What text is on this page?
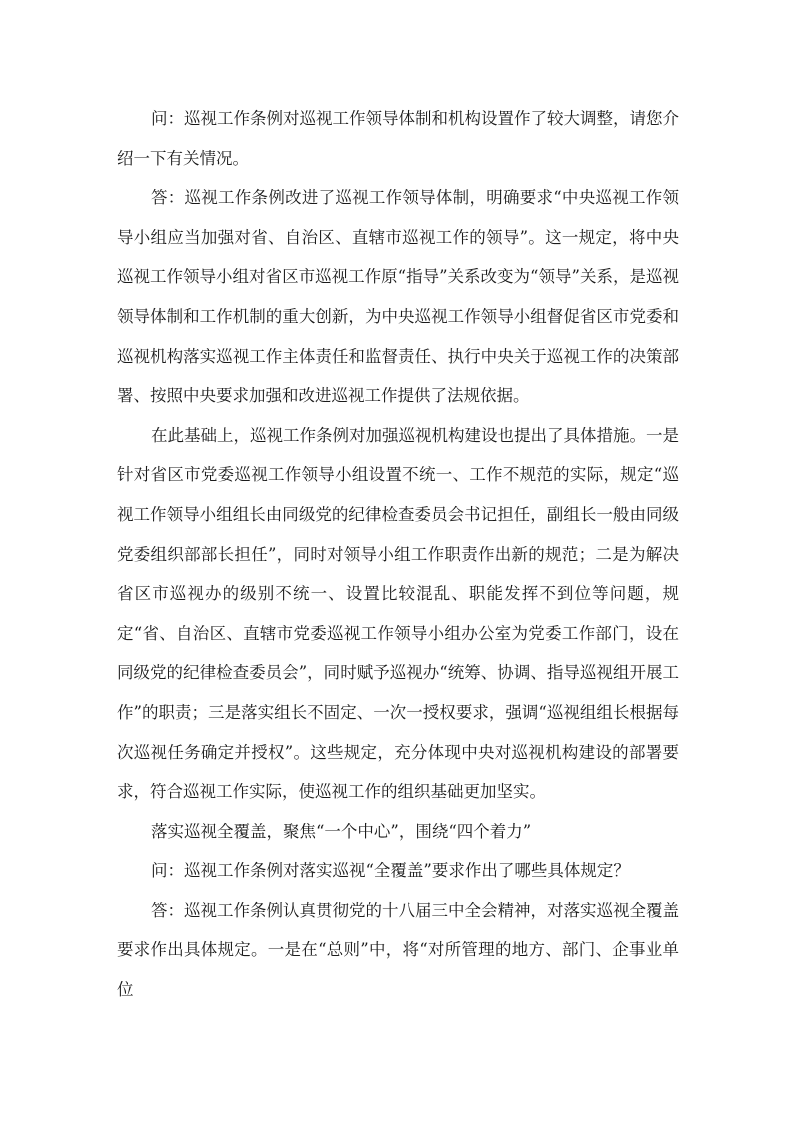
问：巡视工作条例对巡视工作领导体制和机构设置作了较大调整，请您介绍一下有关情况。

答：巡视工作条例改进了巡视工作领导体制，明确要求“中央巡视工作领导小组应当加强对省、自治区、直辖市巡视工作的领导”。这一规定，将中央巡视工作领导小组对省区市巡视工作原“指导”关系改变为“领导”关系，是巡视领导体制和工作机制的重大创新，为中央巡视工作领导小组督促省区市党委和巡视机构落实巡视工作主体责任和监督责任、执行中央关于巡视工作的决策部署、按照中央要求加强和改进巡视工作提供了法规依据。

在此基础上，巡视工作条例对加强巡视机构建设也提出了具体措施。一是针对省区市党委巡视工作领导小组设置不统一、工作不规范的实际，规定“巡视工作领导小组组长由同级党的纪律检查委员会书记担任，副组长一般由同级党委组织部部长担任”，同时对领导小组工作职责作出新的规范；二是为解决省区市巡视办的级别不统一、设置比较混乱、职能发挥不到位等问题，规定“省、自治区、直辖市党委巡视工作领导小组办公室为党委工作部门，设在同级党的纪律检查委员会”，同时赋予巡视办“统筹、协调、指导巡视组开展工作”的职责；三是落实组长不固定、一次一授权要求，强调“巡视组组长根据每次巡视任务确定并授权”。这些规定，充分体现中央对巡视机构建设的部署要求，符合巡视工作实际，使巡视工作的组织基础更加坚实。

落实巡视全覆盖，聚焦“一个中心”，围绕“四个着力”

问：巡视工作条例对落实巡视“全覆盖”要求作出了哪些具体规定？

答：巡视工作条例认真贯彻党的十八届三中全会精神，对落实巡视全覆盖要求作出具体规定。一是在“总则”中，将“对所管理的地方、部门、企事业单位
